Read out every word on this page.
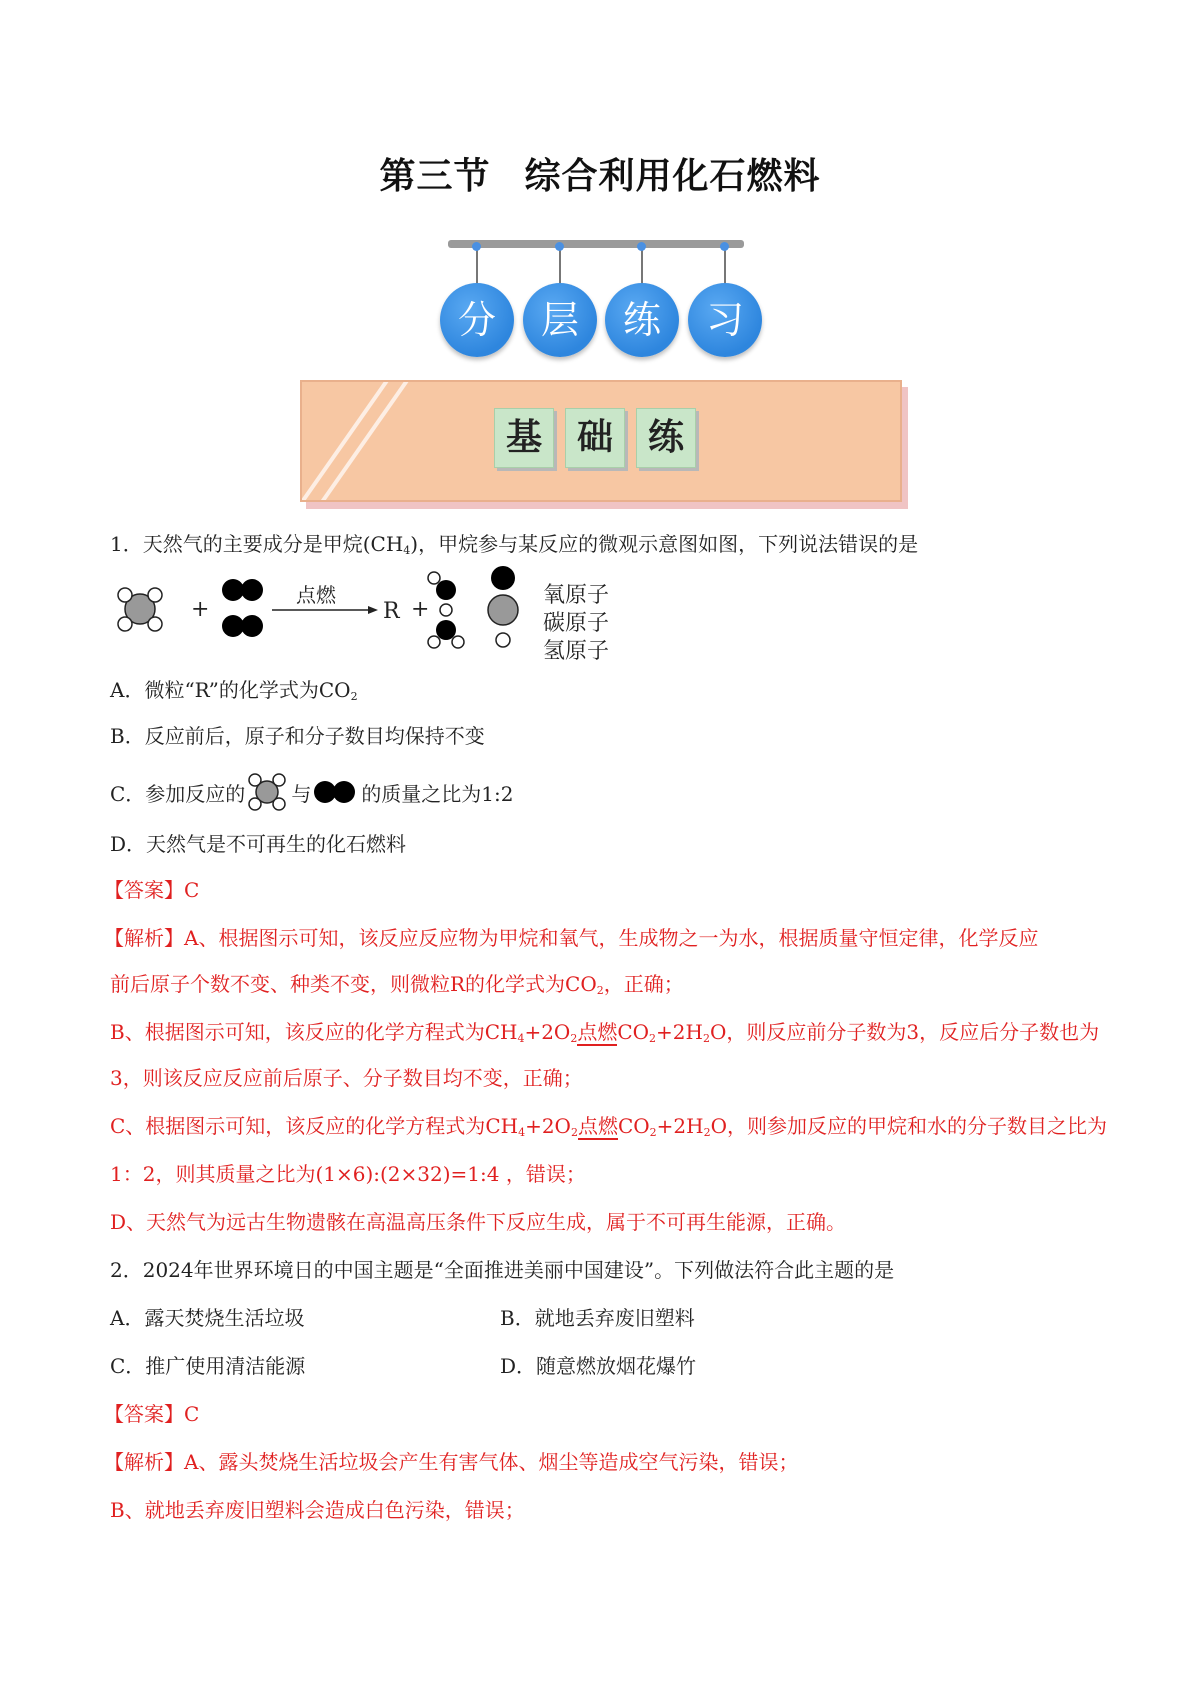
第三节 综合利用化石燃料
分	层	练	习
基 础 练
1．天然气的主要成分是甲烷$(CH_4)$，甲烷参与某反应的微观示意图如图，下列说法错误的是
+
点燃
R +
氧原子
碳原子
氢原子
A．微粒“R”的化学式为$CO_2$
B．反应前后，原子和分子数目均保持不变
C．参加反应的 与	的质量之比为1:2
D．天然气是不可再生的化石燃料
【答案】C
【解析】A、根据图示可知，该反应反应物为甲烷和氧气，生成物之一为水，根据质量守恒定律，化学反应
前后原子个数不变、种类不变，则微粒R的化学式为$CO_2$，正确；
B、根据图示可知，该反应的化学方程式为$CH_4+2O_2$点燃$CO_2+2H_2O$，则反应前分子数为3，反应后分子数也为
3，则该反应反应前后原子、分子数目均不变，正确；
C、根据图示可知，该反应的化学方程式为$CH_4+2O_2$点燃$CO_2+2H_2O$，则参加反应的甲烷和水的分子数目之比为
1：2，则其质量之比为(1×6):(2×32)=1:4 ，错误；
D、天然气为远古生物遗骸在高温高压条件下反应生成，属于不可再生能源，正确。
2．2024年世界环境日的中国主题是“全面推进美丽中国建设”。下列做法符合此主题的是
A．露天焚烧生活垃圾	B．就地丢弃废旧塑料
C．推广使用清洁能源	D．随意燃放烟花爆竹
【答案】C
【解析】A、露头焚烧生活垃圾会产生有害气体、烟尘等造成空气污染，错误；
B、就地丢弃废旧塑料会造成白色污染，错误；
